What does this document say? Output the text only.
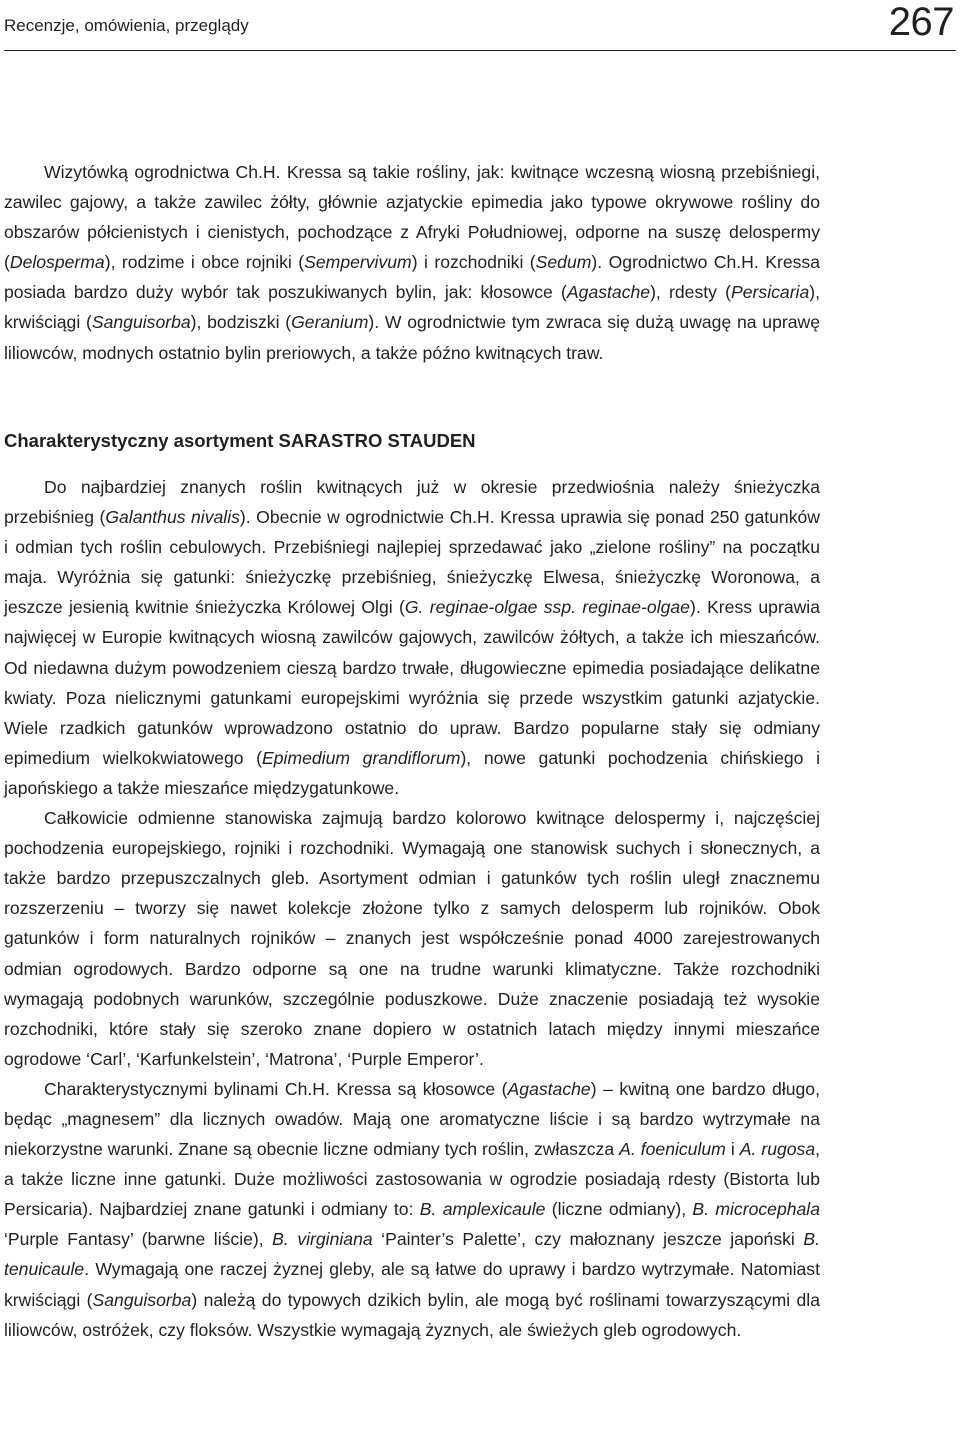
Recenzje, omówienia, przeglądy	267

Wizytówką ogrodnictwa Ch.H. Kressa są takie rośliny, jak: kwitnące wczesną wiosną przebiśniegi, zawilec gajowy, a także zawilec żółty, głównie azjatyckie epimedia jako typowe okrywowe rośliny do obszarów półcienistych i cienistych, pochodzące z Afryki Południowej, odporne na suszę delospermy (Delosperma), rodzime i obce rojniki (Sempervivum) i rozchodniki (Sedum). Ogrodnictwo Ch.H. Kressa posiada bardzo duży wybór tak poszukiwanych bylin, jak: kłosowce (Agastache), rdesty (Persicaria), krwiściągi (Sanguisorba), bodziszki (Geranium). W ogrodnictwie tym zwraca się dużą uwagę na uprawę liliowców, modnych ostatnio bylin preriowych, a także późno kwitnących traw.

Charakterystyczny asortyment SARASTRO STAUDEN

Do najbardziej znanych roślin kwitnących już w okresie przedwiośnia należy śnieżyczka przebiśnieg (Galanthus nivalis). Obecnie w ogrodnictwie Ch.H. Kressa uprawia się ponad 250 gatunków i odmian tych roślin cebulowych. Przebiśniegi najlepiej sprzedawać jako „zielone rośliny” na początku maja. Wyróżnia się gatunki: śnieżyczkę przebiśnieg, śnieżyczkę Elwesa, śnieżyczkę Woronowa, a jeszcze jesienią kwitnie śnieżyczka Królowej Olgi (G. reginae-olgae ssp. reginae-olgae). Kress uprawia najwięcej w Europie kwitnących wiosną zawilców gajowych, zawilców żółtych, a także ich mieszańców. Od niedawna dużym powodzeniem cieszą bardzo trwałe, długowieczne epimedia posiadające delikatne kwiaty. Poza nielicznymi gatunkami europejskimi wyróżnia się przede wszystkim gatunki azjatyckie. Wiele rzadkich gatunków wprowadzono ostatnio do upraw. Bardzo popularne stały się odmiany epimedium wielkokwiatowego (Epimedium grandiflorum), nowe gatunki pochodzenia chińskiego i japońskiego a także mieszańce międzygatunkowe.

Całkowicie odmienne stanowiska zajmują bardzo kolorowo kwitnące delospermy i, najczęściej pochodzenia europejskiego, rojniki i rozchodniki. Wymagają one stanowisk suchych i słonecznych, a także bardzo przepuszczalnych gleb. Asortyment odmian i gatunków tych roślin uległ znacznemu rozszerzeniu – tworzy się nawet kolekcje złożone tylko z samych delosperm lub rojników. Obok gatunków i form naturalnych rojników – znanych jest współcześnie ponad 4000 zarejestrowanych odmian ogrodowych. Bardzo odporne są one na trudne warunki klimatyczne. Także rozchodniki wymagają podobnych warunków, szczególnie poduszkowe. Duże znaczenie posiadają też wysokie rozchodniki, które stały się szeroko znane dopiero w ostatnich latach między innymi mieszańce ogrodowe ‘Carl’, ‘Karfunkelstein’, ‘Matrona’, ‘Purple Emperor’.

Charakterystycznymi bylinami Ch.H. Kressa są kłosowce (Agastache) – kwitną one bardzo długo, będąc „magnesem” dla licznych owadów. Mają one aromatyczne liście i są bardzo wytrzymałe na niekorzystne warunki. Znane są obecnie liczne odmiany tych roślin, zwłaszcza A. foeniculum i A. rugosa, a także liczne inne gatunki. Duże możliwości zastosowania w ogrodzie posiadają rdesty (Bistorta lub Persicaria). Najbardziej znane gatunki i odmiany to: B. amplexicaule (liczne odmiany), B. microcephala ‘Purple Fantasy’ (barwne liście), B. virginiana ‘Painter’s Palette’, czy małoznany jeszcze japoński B. tenuicaule. Wymagają one raczej żyznej gleby, ale są łatwe do uprawy i bardzo wytrzymałe. Natomiast krwiściągi (Sanguisorba) należą do typowych dzikich bylin, ale mogą być roślinami towarzyszącymi dla liliowców, ostróżek, czy floksów. Wszystkie wymagają żyznych, ale świeżych gleb ogrodowych.
